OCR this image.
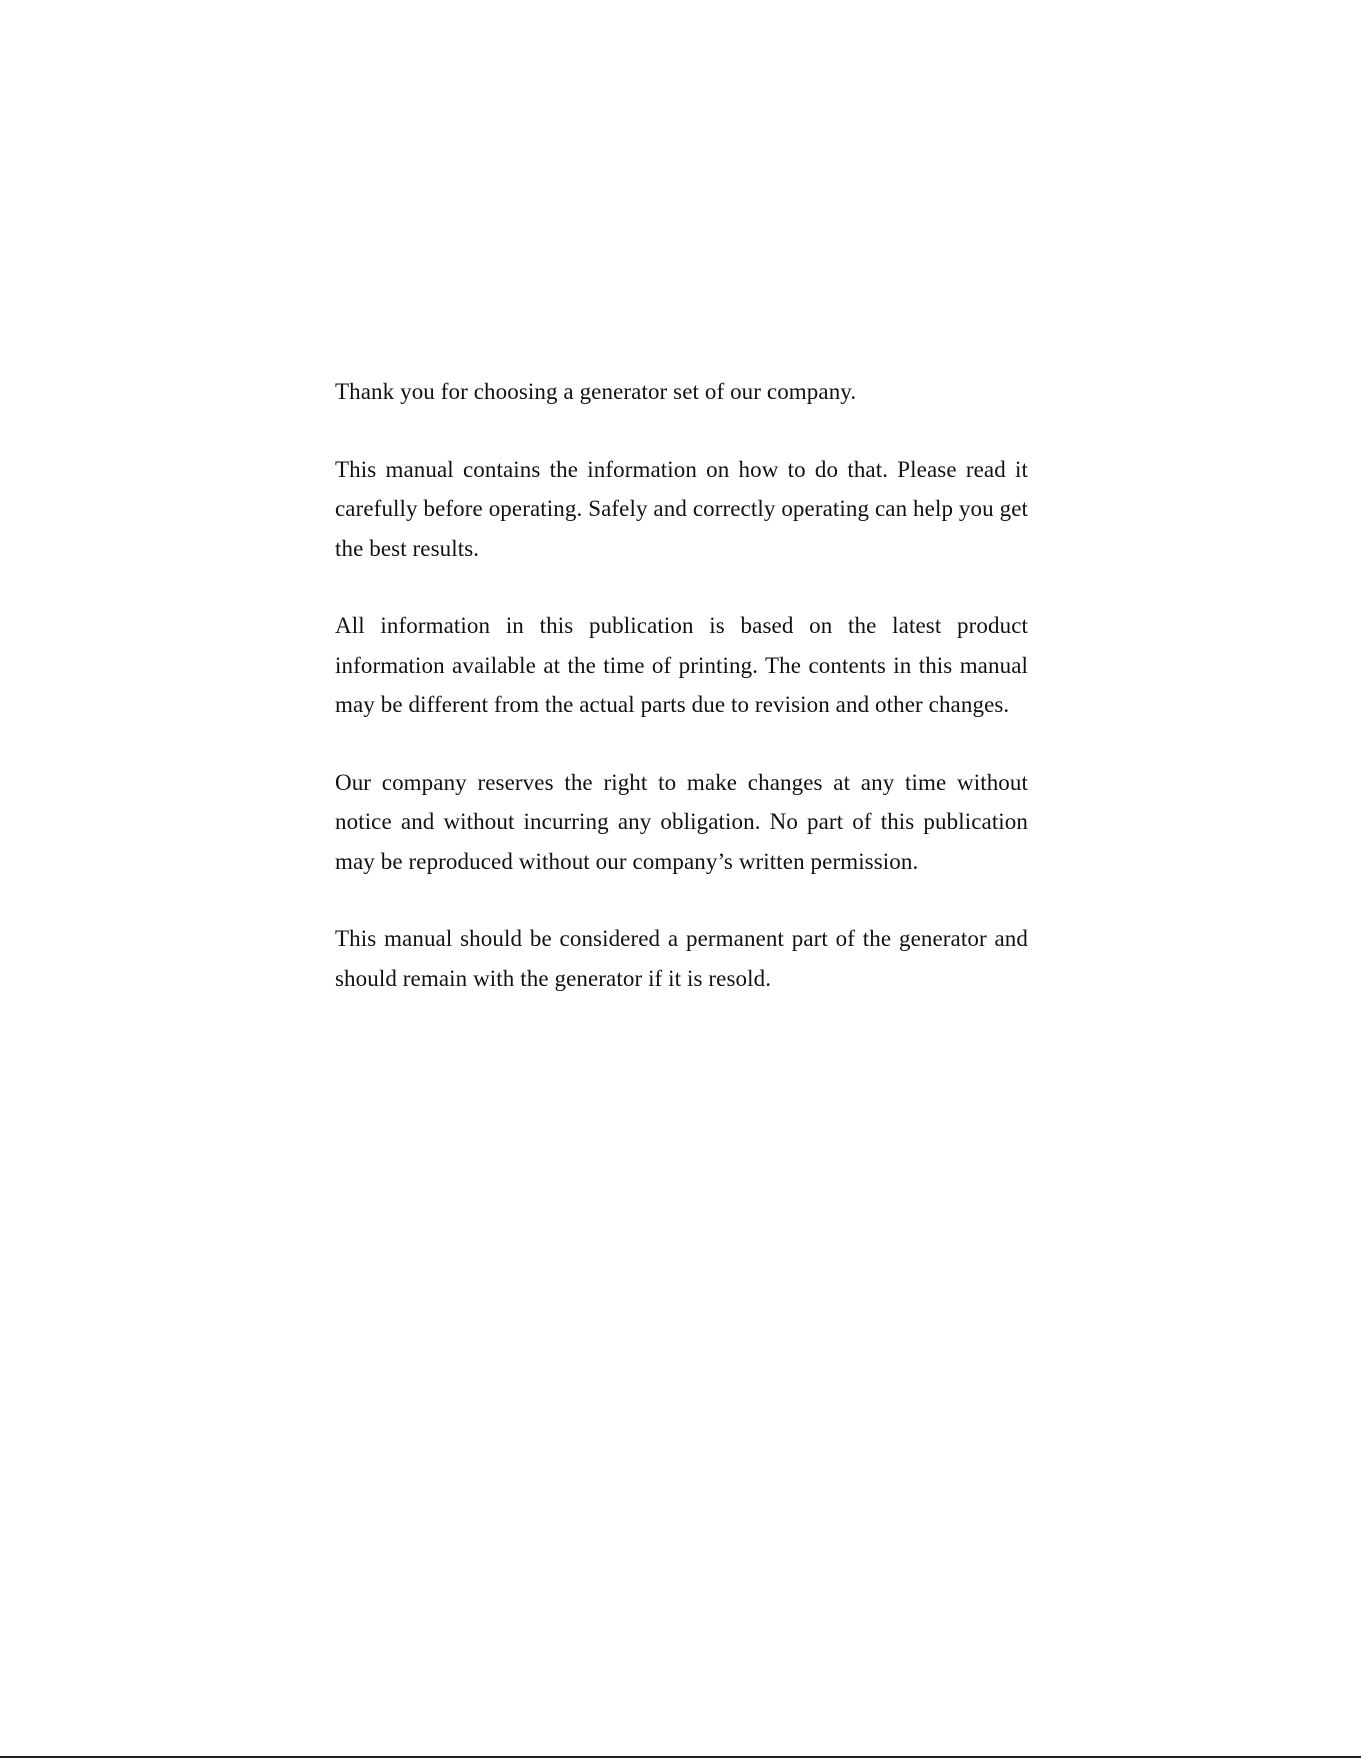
Thank you for choosing a generator set of our company.

This manual contains the information on how to do that. Please read it carefully before operating. Safely and correctly operating can help you get the best results.

All information in this publication is based on the latest product information available at the time of printing. The contents in this manual may be different from the actual parts due to revision and other changes.

Our company reserves the right to make changes at any time without notice and without incurring any obligation. No part of this publication may be reproduced without our company’s written permission.

This manual should be considered a permanent part of the generator and should remain with the generator if it is resold.
